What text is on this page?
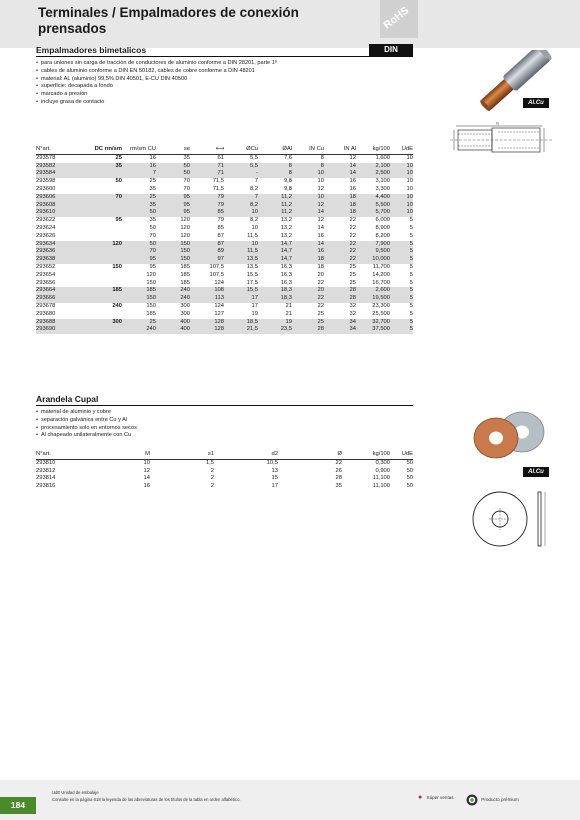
Terminales / Empalmadores de conexión prensados	RoHS
Empalmadores bimetalicos	DIN
• para uniones sin carga de tracción de conductores de aluminio conforme a DIN 28201, parte 1ª
• cables de aluminio conforme a DIN EN 50182, cables de cobre conforme a DIN 48201
• material: AL (aluminio) 99,5% DIN 40501, E-CU DIN 40500
• superficie: decapada a fondo
• marcado a presión
• incluye grasa de contacto	Al.Cu
l1
N°art.	DC rm/sm	rm/sm CU	se	⟷	ØCu	ØAl	IN Cu	IN Al	kg/100	UdE
293578	25	16	35	61	5,5	7,6	8	12	1,600	10
293582	35	16	50	71	5,5	8	8	14	2,100	10
293584		7	50	71	-	8	10	14	2,500	10
293598	50	25	70	71,5	7	9,8	10	16	3,100	10
293600		35	70	71,5	8,2	9,8	12	16	3,300	10
293606	70	25	95	79	7	11,2	10	18	4,400	10
293608		35	95	79	8,2	11,2	12	18	5,500	10
293610		50	95	85	10	11,2	14	18	5,700	10
293622	95	35	120	79	8,2	13,2	12	22	6,000	5
293624		50	120	85	10	13,2	14	22	8,900	5
293626		70	120	87	11,5	13,2	16	22	8,200	5
293634	120	50	150	87	10	14,7	14	22	7,900	5
293636		70	150	89	11,5	14,7	16	22	9,500	5
293638		95	150	97	13,5	14,7	18	22	10,000	5
293652	150	95	185	107,5	13,5	16,3	18	25	11,700	5
293654		120	185	107,5	15,5	16,3	20	25	14,200	5
293656		150	185	124	17,5	16,3	22	25	16,700	5
293664	185	185	240	108	15,5	18,3	20	28	2,600	5
293666		150	240	113	17	18,3	22	28	19,500	5
293678	240	150	300	124	17	21	22	32	23,300	5
293680		185	300	127	19	21	25	32	25,500	5
293688	300	25	400	128	18,5	19	25	34	32,700	5
293690		240	400	128	21,5	23,5	28	34	37,500	5
Arandela Cupal
• material de aluminio y cobre
• separación galvánica entre Cu y Al
• procesamiento solo en entornos secos
• Al chapeado unilateralmente con Cu
Al.Cu
N°art.	M	s1	d2	Ø	kg/100	UdE
293810	10	1,5	10,5	22	0,300	50
293812	12	2	13	26	0,900	50
293814	14	2	15	28	11,100	50
293816	16	2	17	35	11,100	50
184
UdE Unidad de embalaje
Consulte en la página 618 la leyenda de las abreviaturas de los títulos de la tabla en orden alfabético.	● Súper ventas	Producto prémium
